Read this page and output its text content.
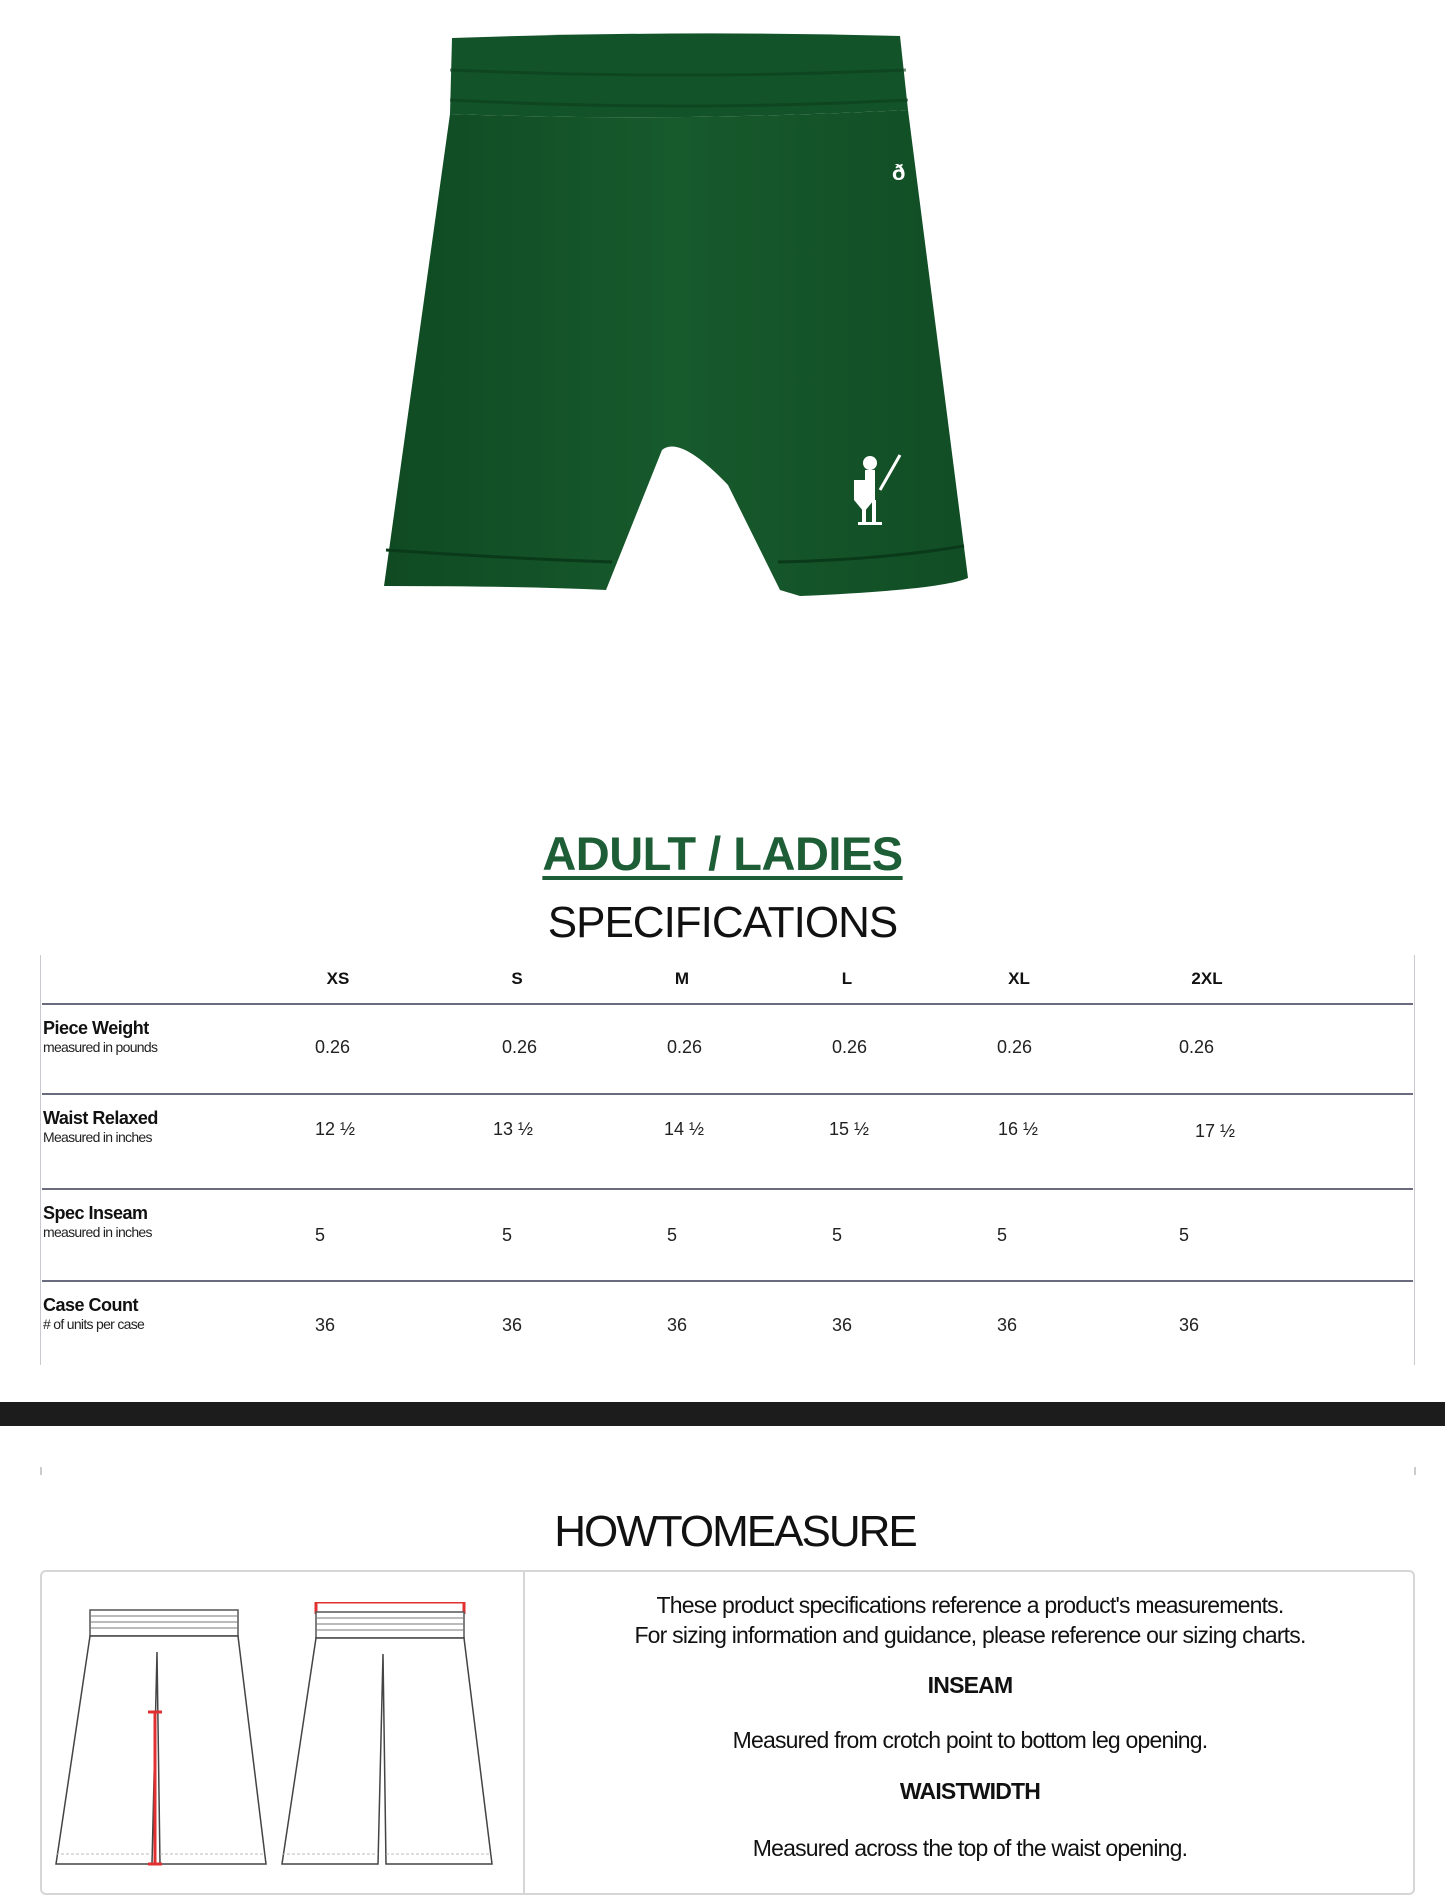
ð
INCARNATION
ADULT / LADIES
SPECIFICATIONS
XS	S	M	L	XL	2XL
Piece Weight
measured in pounds	0.26	0.26	0.26	0.26	0.26	0.26
Waist Relaxed
Measured in inches	12 ½	13 ½	14 ½	15 ½	16 ½	17 ½
Spec Inseam
measured in inches	5	5	5	5	5	5
Case Count
# of units per case	36	36	36	36	36	36
HOWTOMEASURE
These product specifications reference a product's measurements.
For sizing information and guidance, please reference our sizing charts.
INSEAM
Measured from crotch point to bottom leg opening.
WAISTWIDTH
Measured across the top of the waist opening.
